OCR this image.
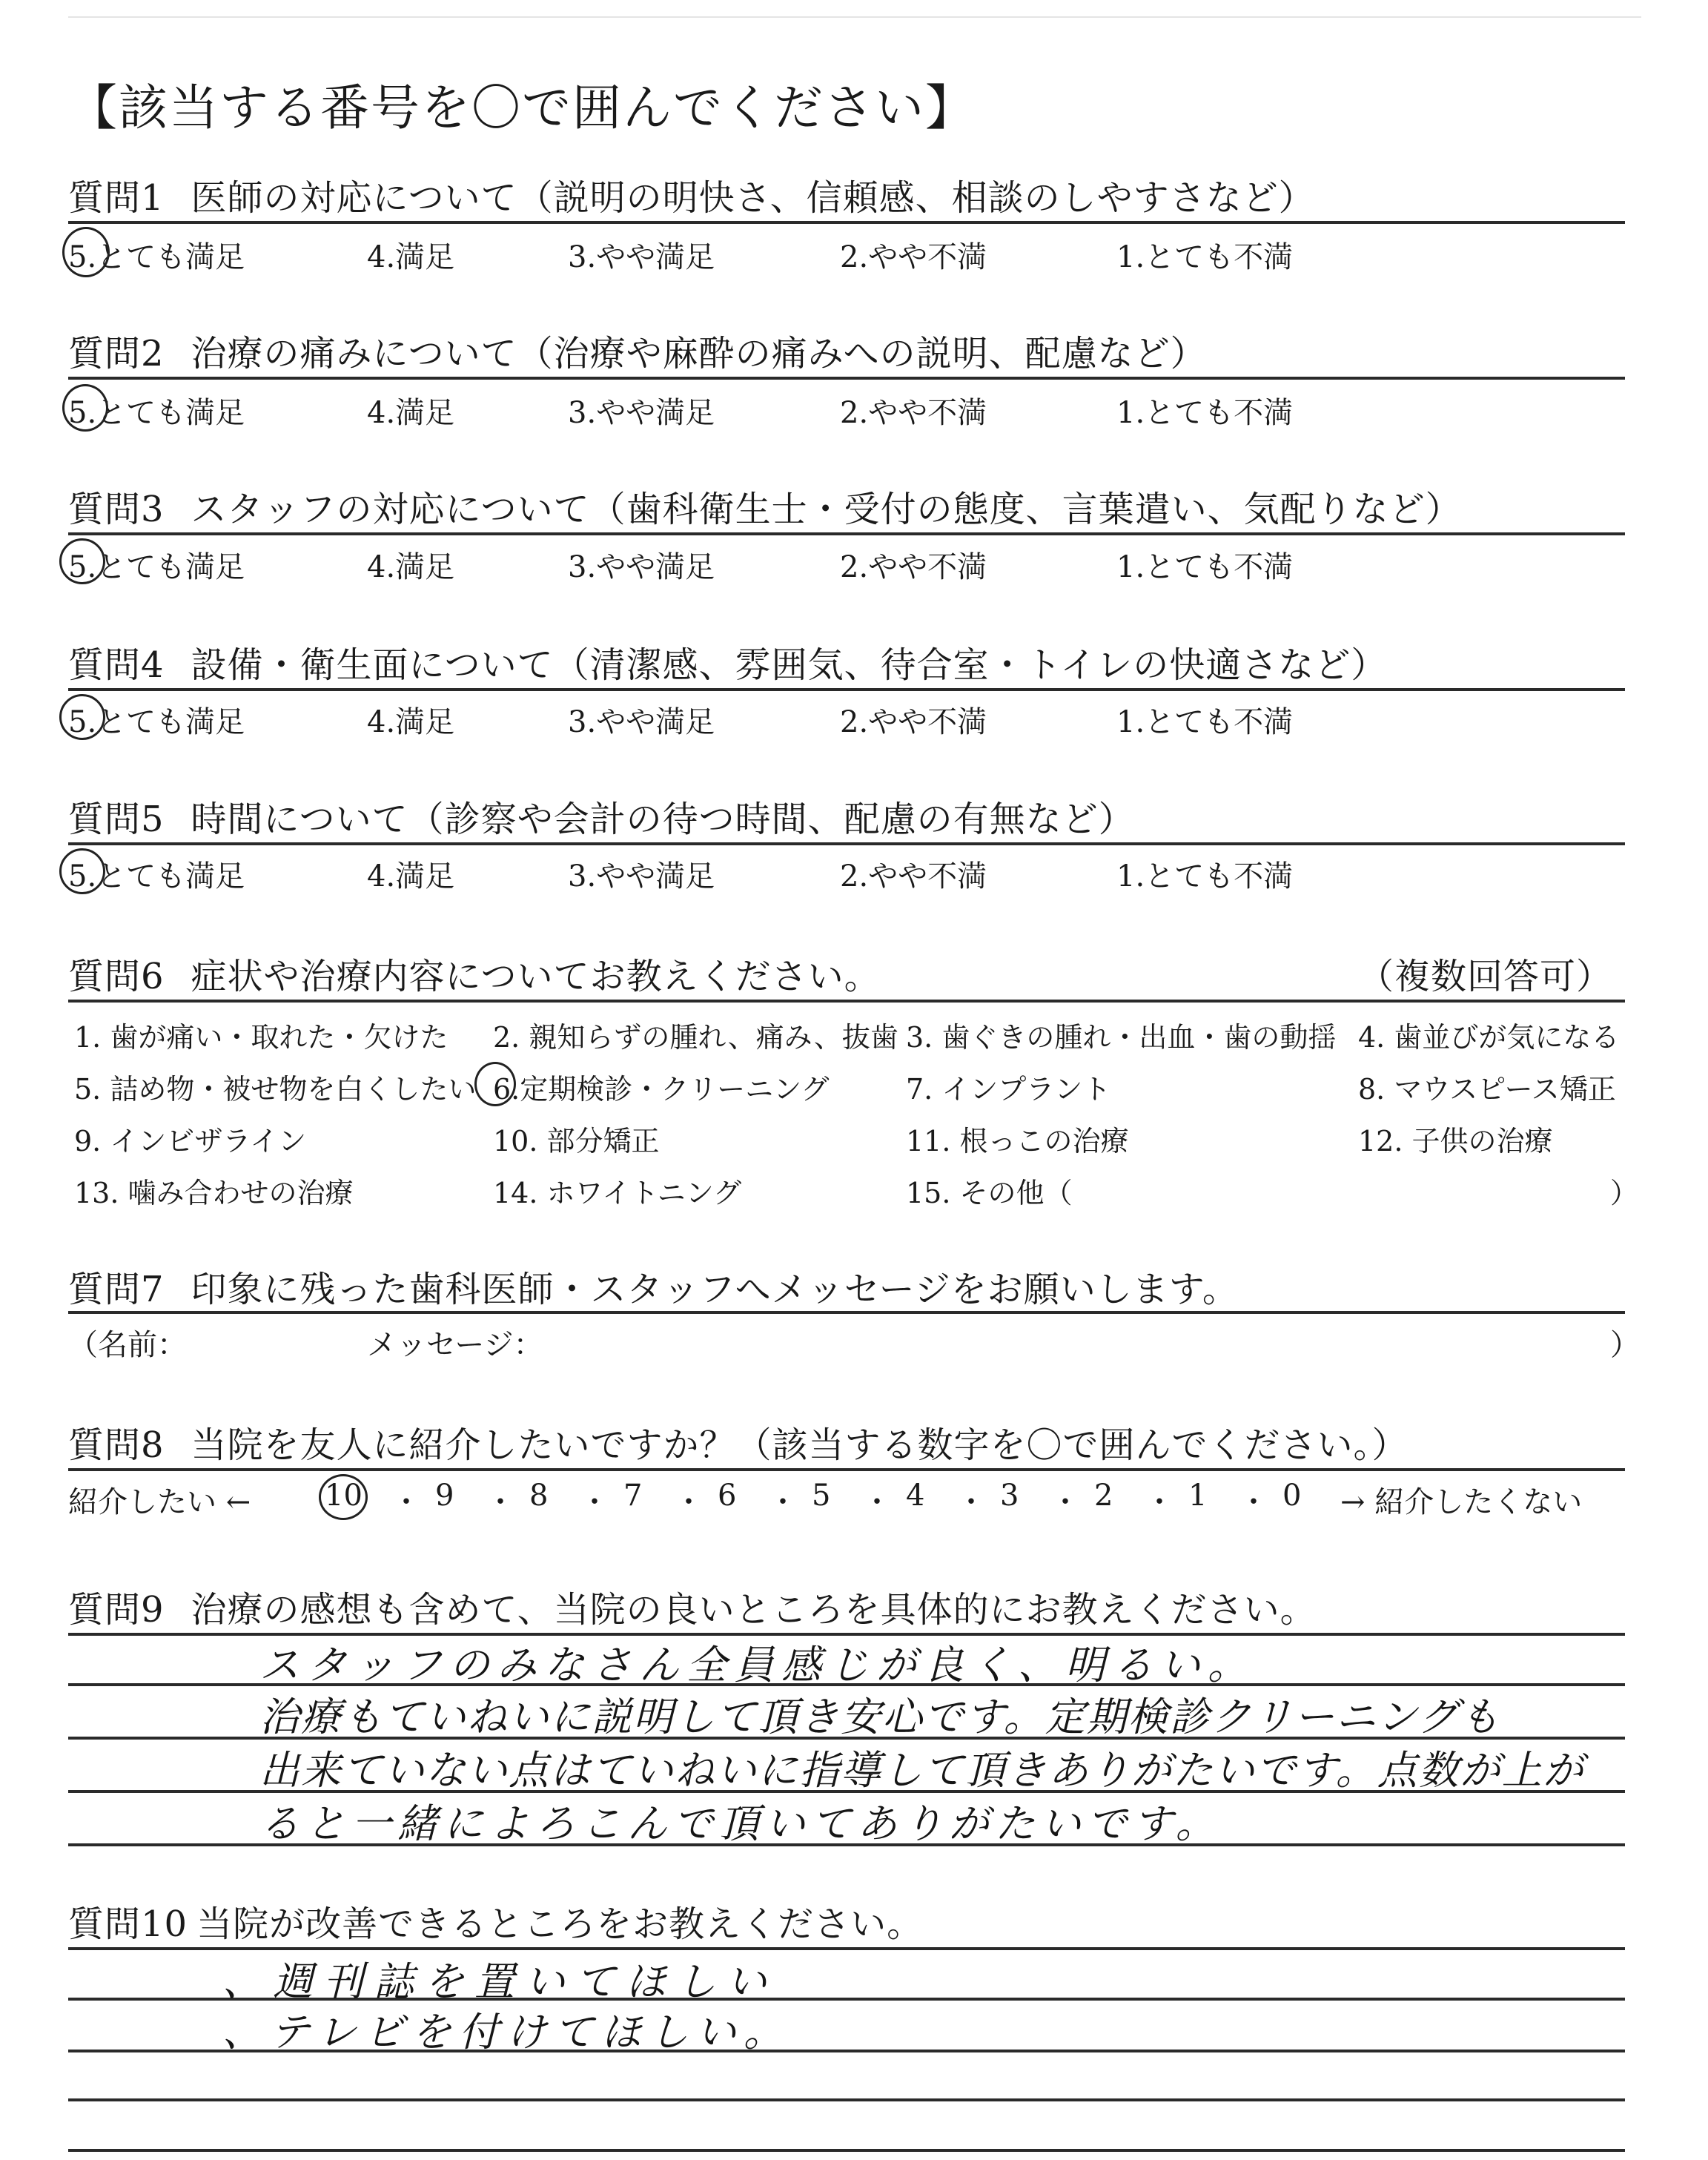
【該当する番号を〇で囲んでください】
質問1 医師の対応について（説明の明快さ、信頼感、相談のしやすさなど）
5.とても満足	4.満足	3.やや満足	2.やや不満	1.とても不満
質問2 治療の痛みについて（治療や麻酔の痛みへの説明、配慮など）
5.とても満足	4.満足	3.やや満足	2.やや不満	1.とても不満
質問3 スタッフの対応について（歯科衛生士・受付の態度、言葉遣い、気配りなど）
5.とても満足	4.満足	3.やや満足	2.やや不満	1.とても不満
質問4 設備・衛生面について（清潔感、雰囲気、待合室・トイレの快適さなど）
5.とても満足	4.満足	3.やや満足	2.やや不満	1.とても不満
質問5 時間について（診察や会計の待つ時間、配慮の有無など）
5.とても満足	4.満足	3.やや満足	2.やや不満	1.とても不満
質問6 症状や治療内容についてお教えください。	（複数回答可）
1. 歯が痛い・取れた・欠けた 2. 親知らずの腫れ、痛み、抜歯 3. 歯ぐきの腫れ・出血・歯の動揺 4. 歯並びが気になる
5. 詰め物・被せ物を白くしたい 6.定期検診・クリーニング	7. インプラント	8. マウスピース矯正
9. インビザライン	10. 部分矯正	11. 根っこの治療	12. 子供の治療
13. 噛み合わせの治療	14. ホワイトニング	15. その他（	）
質問7 印象に残った歯科医師・スタッフへメッセージをお願いします。
（名前：	メッセージ：	）
質問8 当院を友人に紹介したいですか？（該当する数字を〇で囲んでください。）
紹介したい ←	→ 紹介したくない
10 ・ 9 ・ 8 ・ 7 ・ 6 ・ 5 ・ 4 ・ 3 ・ 2 ・ 1 ・ 0
質問9 治療の感想も含めて、当院の良いところを具体的にお教えください。
スタッフのみなさん全員感じが良く、明るい。
治療もていねいに説明して頂き安心です。定期検診クリーニングも
出来ていない点はていねいに指導して頂きありがたいです。点数が上が
ると一緒によろこんで頂いてありがたいです。
質問10 当院が改善できるところをお教えください。
、週刊誌を置いてほしい
、テレビを付けてほしい。
